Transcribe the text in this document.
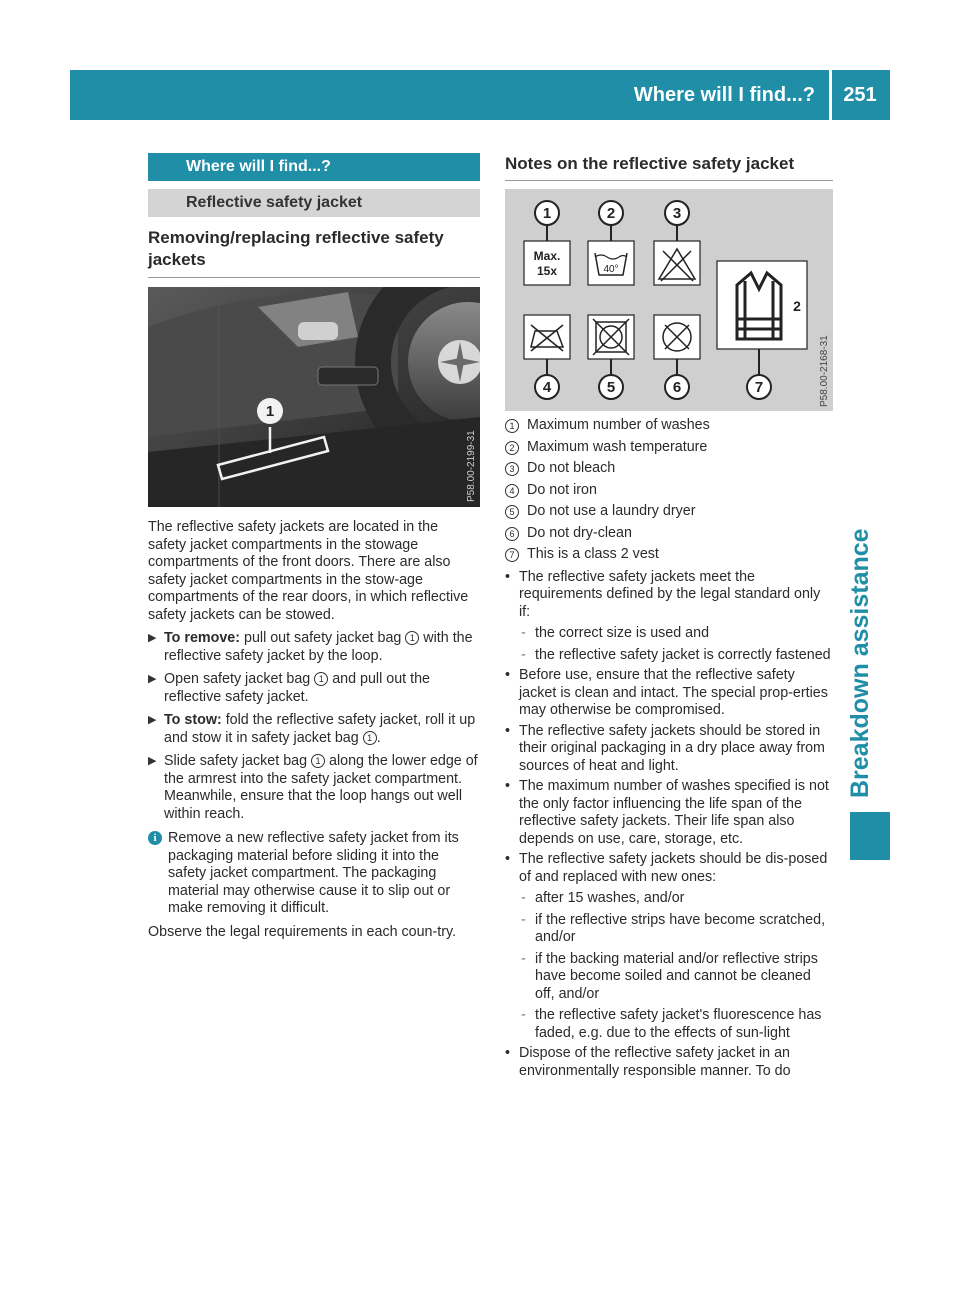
Where will I find...?	251
Breakdown assistance
Where will I find...?
Reflective safety jacket
Removing/replacing reflective safety jackets
1
P58.00-2199-31

The reflective safety jackets are located in the safety jacket compartments in the stowage compartments of the front doors. There are also safety jacket compartments in the stow-age compartments of the rear doors, in which reflective safety jackets can be stowed.

▶ To remove: pull out safety jacket bag 1 with the reflective safety jacket by the loop.
▶ Open safety jacket bag 1 and pull out the reflective safety jacket.
▶ To stow: fold the reflective safety jacket, roll it up and stow it in safety jacket bag 1 .
▶ Slide safety jacket bag 1 along the lower edge of the armrest into the safety jacket compartment. Meanwhile, ensure that the loop hangs out well within reach.
i Remove a new reflective safety jacket from its packaging material before sliding it into the safety jacket compartment. The packaging material may otherwise cause it to slip out or make removing it difficult.

Observe the legal requirements in each coun-try.

Notes on the reflective safety jacket
1	2	3
4	5	6	7
Max.
15x	40°
2
P58.00-2168-31
1 Maximum number of washes
2 Maximum wash temperature
3 Do not bleach
4 Do not iron
5 Do not use a laundry dryer
6 Do not dry-clean
7 This is a class 2 vest
• The reflective safety jackets meet the requirements defined by the legal standard only if:
- the correct size is used and
- the reflective safety jacket is correctly fastened
• Before use, ensure that the reflective safety jacket is clean and intact. The special prop-erties may otherwise be compromised.
• The reflective safety jackets should be stored in their original packaging in a dry place away from sources of heat and light.
• The maximum number of washes specified is not the only factor influencing the life span of the reflective safety jackets. Their life span also depends on use, care, storage, etc.
• The reflective safety jackets should be dis-posed of and replaced with new ones:
- after 15 washes, and/or
- if the reflective strips have become scratched, and/or
- if the backing material and/or reflective strips have become soiled and cannot be cleaned off, and/or
- the reflective safety jacket's fluorescence has faded, e.g. due to the effects of sun-light
• Dispose of the reflective safety jacket in an environmentally responsible manner. To do
